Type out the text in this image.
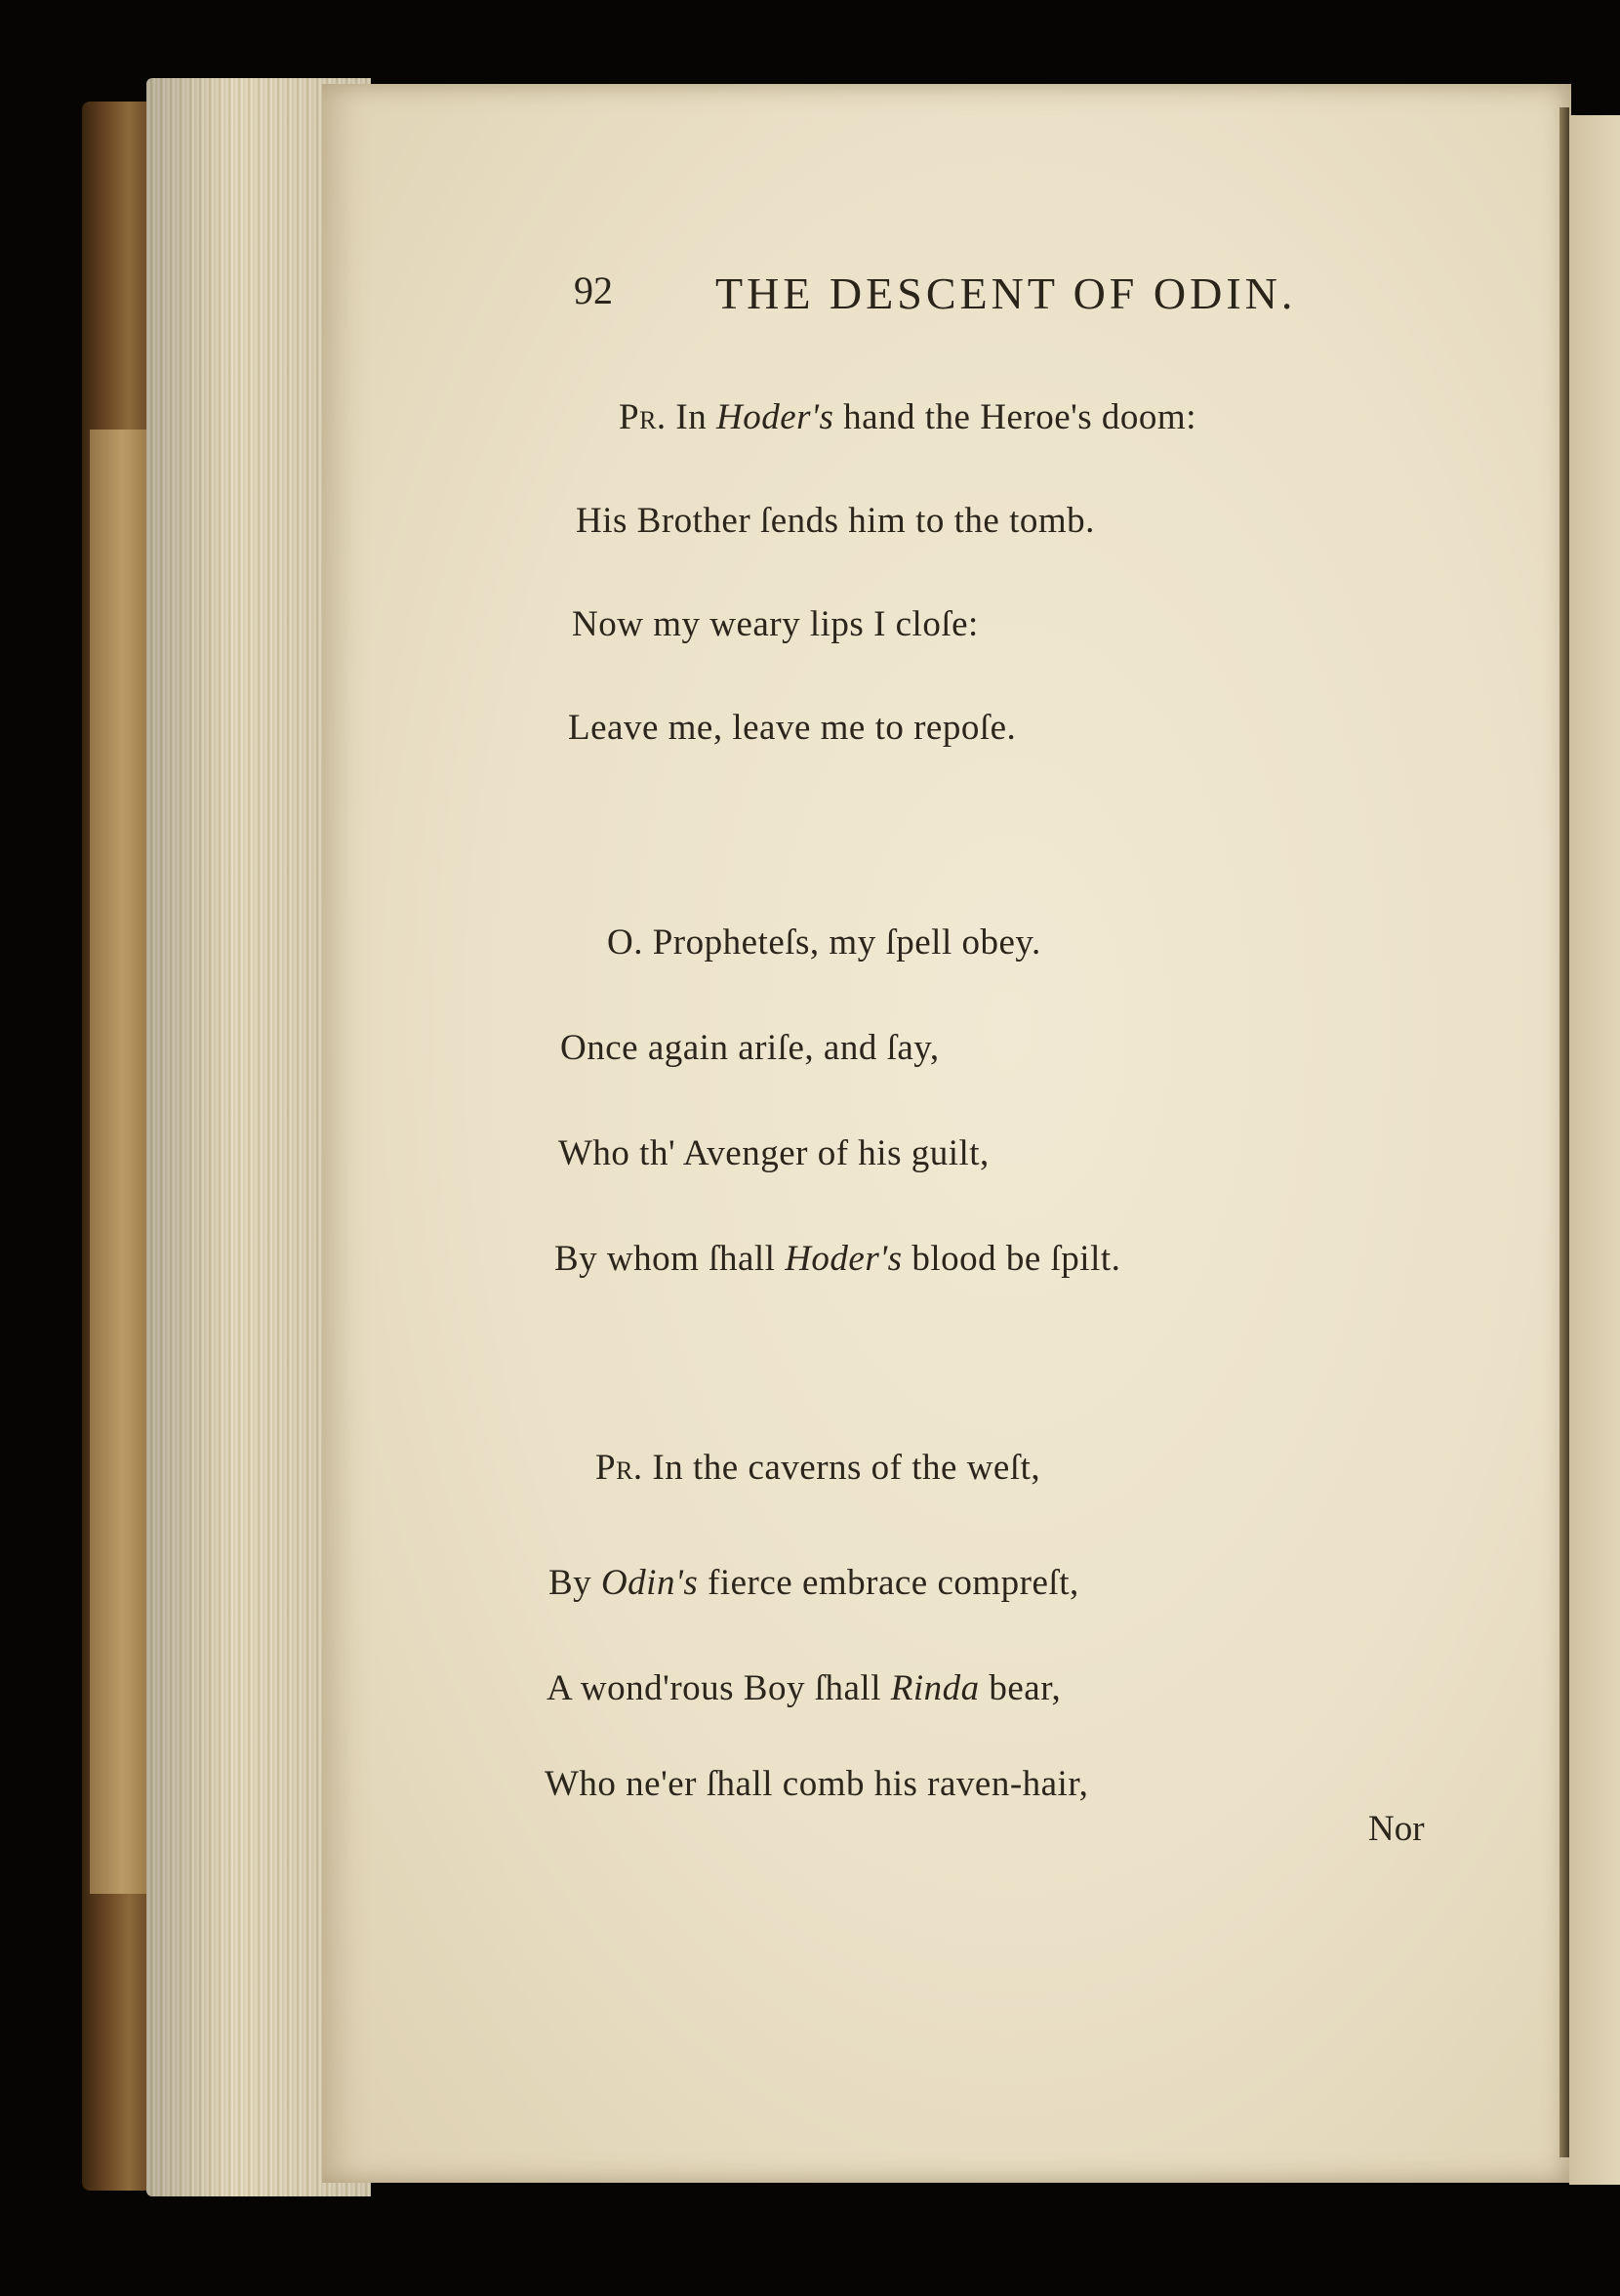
92 THE DESCENT OF ODIN.
Pr. In Hoder's hand the Heroe's doom:
His Brother ſends him to the tomb.
Now my weary lips I cloſe:
Leave me, leave me to repoſe.
O. Propheteſs, my ſpell obey.
Once again ariſe, and ſay,
Who th' Avenger of his guilt,
By whom ſhall Hoder's blood be ſpilt.
Pr. In the caverns of the weſt,
By Odin's fierce embrace compreſt,
A wond'rous Boy ſhall Rinda bear,
Who ne'er ſhall comb his raven-hair,
Nor
